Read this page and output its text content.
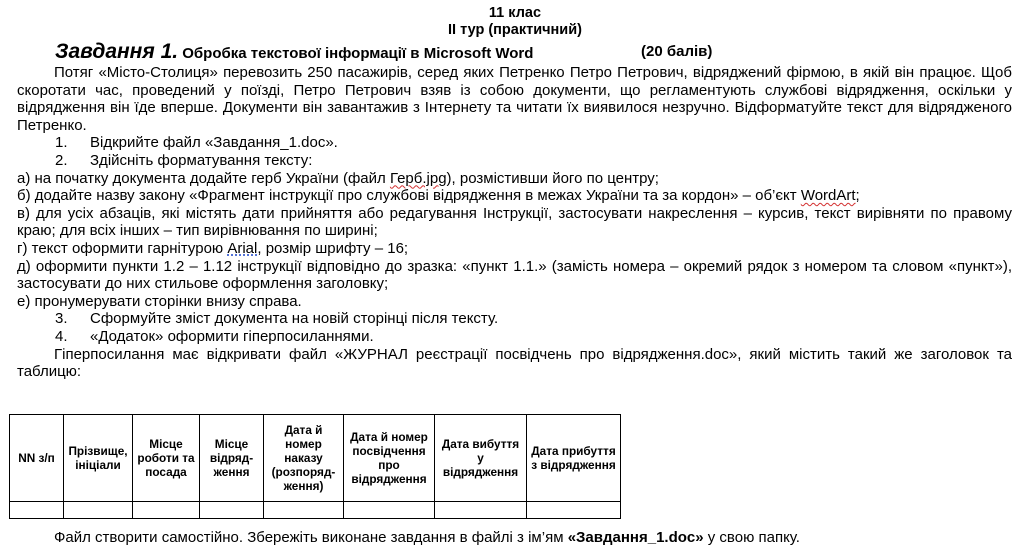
11 клас
ІІ тур (практичний)
Завдання 1. Обробка текстової інформації в Microsoft Word	(20 балів)

Потяг «Місто-Столиця» перевозить 250 пасажирів, серед яких Петренко Петро Петрович, відряджений фірмою, в якій він працює. Щоб скоротати час, проведений у поїзді, Петро Петрович взяв із собою документи, що регламентують службові відрядження, оскільки у відрядження він їде вперше. Документи він завантажив з Інтернету та читати їх виявилося незручно. Відформатуйте текст для відрядженого Петренко.

1. Відкрийте файл «Завдання_1.doc».

2. Здійсніть форматування тексту:

а) на початку документа додайте герб України (файл Герб.jpg), розмістивши його по центру;

б) додайте назву закону «Фрагмент інструкції про службові відрядження в межах України та за кордон» – об’єкт WordArt;

в) для усіх абзаців, які містять дати прийняття або редагування Інструкції, застосувати накреслення – курсив, текст вирівняти по правому краю; для всіх інших – тип вирівнювання по ширині;

г) текст оформити гарнітурою Arial, розмір шрифту – 16;

д) оформити пункти 1.2 – 1.12 інструкції відповідно до зразка: «пункт 1.1.» (замість номера – окремий рядок з номером та словом «пункт»), застосувати до них стильове оформлення заголовку;

е) пронумерувати сторінки внизу справа.

3. Сформуйте зміст документа на новій сторінці після тексту.

4. «Додаток» оформити гіперпосиланнями.

Гіперпосилання має відкривати файл «ЖУРНАЛ реєстрації посвідчень про відрядження.doc», який містить такий же заголовок та таблицю:

NN з/п	Прізвище, ініціали	Місце роботи та посада	Місце відряд-ження	Дата й номер наказу (розпоряд-ження)	Дата й номер посвідчення про відрядження	Дата вибуття у відрядження	Дата прибуття з відрядження

Файл створити самостійно. Збережіть виконане завдання в файлі з ім’ям «Завдання_1.doc» у свою папку.
